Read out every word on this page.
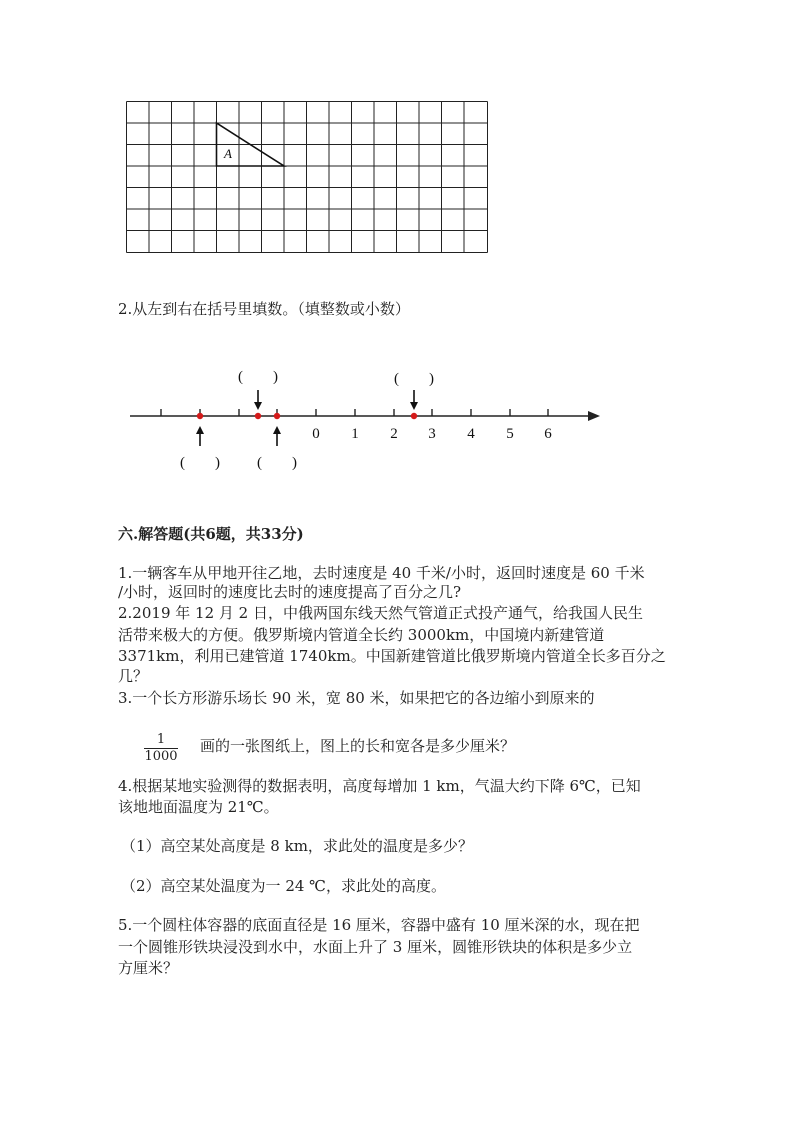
A
2.从左到右在括号里填数。（填整数或小数）
0 1 2 3 4 5 6
(　　)	(　　)
(　　) (　　)
六.解答题(共6题，共33分)
1.一辆客车从甲地开往乙地，去时速度是 40 千米/小时，返回时速度是 60 千米
/小时，返回时的速度比去时的速度提高了百分之几?
2.2019 年 12 月 2 日，中俄两国东线天然气管道正式投产通气，给我国人民生
活带来极大的方便。俄罗斯境内管道全长约 3000km，中国境内新建管道
3371km，利用已建管道 1740km。中国新建管道比俄罗斯境内管道全长多百分之
几？
3.一个长方形游乐场长 90 米，宽 80 米，如果把它的各边缩小到原来的
1
1000
画的一张图纸上，图上的长和宽各是多少厘米？
4.根据某地实验测得的数据表明，高度每增加 1 km，气温大约下降 6℃，已知
该地地面温度为 21℃。
（1）高空某处高度是 8 km，求此处的温度是多少？
（2）高空某处温度为一 24 ℃，求此处的高度。
5.一个圆柱体容器的底面直径是 16 厘米，容器中盛有 10 厘米深的水，现在把
一个圆锥形铁块浸没到水中，水面上升了 3 厘米，圆锥形铁块的体积是多少立
方厘米？
